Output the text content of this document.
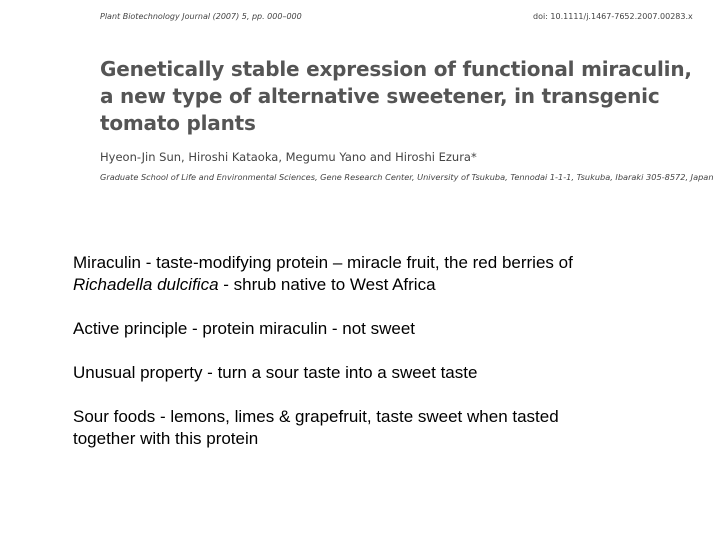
Plant Biotechnology Journal (2007) 5, pp. 000–000	doi: 10.1111/j.1467-7652.2007.00283.x
Genetically stable expression of functional miraculin,
a new type of alternative sweetener, in transgenic
tomato plants
Hyeon-Jin Sun, Hiroshi Kataoka, Megumu Yano and Hiroshi Ezura*
Graduate School of Life and Environmental Sciences, Gene Research Center, University of Tsukuba, Tennodai 1-1-1, Tsukuba, Ibaraki 305-8572, Japan
Miraculin - taste-modifying protein – miracle fruit, the red berries of
Richadella dulcifica - shrub native to West Africa
Active principle - protein miraculin - not sweet
Unusual property - turn a sour taste into a sweet taste
Sour foods - lemons, limes & grapefruit, taste sweet when tasted
together with this protein
